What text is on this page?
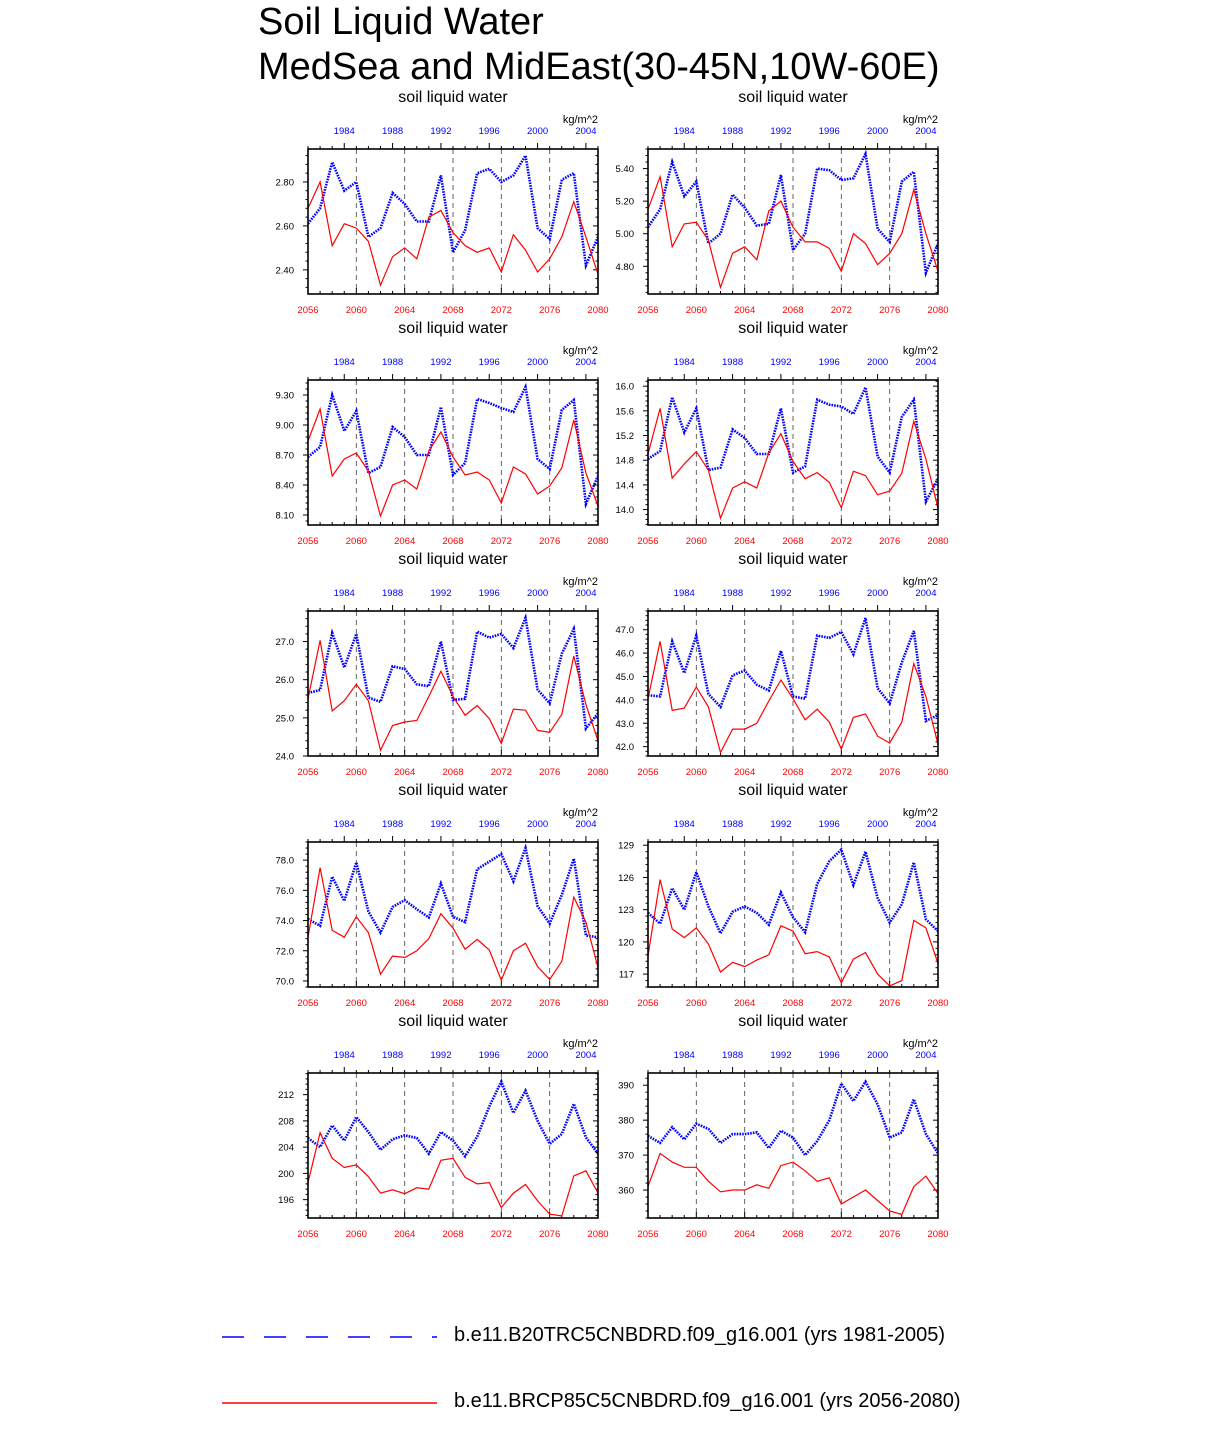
Soil Liquid Water
MedSea and MidEast(30-45N,10W-60E)
soil liquid water
kg/m^2
2.40
2.60
2.80
2056	2060	2064	2068	2072	2076	2080
1984	1988	1992	1996	2000	2004
soil liquid water
kg/m^2
4.80
5.00
5.20
5.40
2056	2060	2064	2068	2072	2076	2080
1984	1988	1992	1996	2000	2004
soil liquid water
kg/m^2
8.10
8.40
8.70
9.00
9.30
2056	2060	2064	2068	2072	2076	2080
1984	1988	1992	1996	2000	2004
soil liquid water
kg/m^2
14.0
14.4
14.8
15.2
15.6
16.0
2056	2060	2064	2068	2072	2076	2080
1984	1988	1992	1996	2000	2004
soil liquid water
kg/m^2
24.0
25.0
26.0
27.0
2056	2060	2064	2068	2072	2076	2080
1984	1988	1992	1996	2000	2004
soil liquid water
kg/m^2
42.0
43.0
44.0
45.0
46.0
47.0
2056	2060	2064	2068	2072	2076	2080
1984	1988	1992	1996	2000	2004
soil liquid water
kg/m^2
70.0
72.0
74.0
76.0
78.0
2056	2060	2064	2068	2072	2076	2080
1984	1988	1992	1996	2000	2004
soil liquid water
kg/m^2
117
120
123
126
129
2056	2060	2064	2068	2072	2076	2080
1984	1988	1992	1996	2000	2004
soil liquid water
kg/m^2
196
200
204
208
212
2056	2060	2064	2068	2072	2076	2080
1984	1988	1992	1996	2000	2004
soil liquid water
kg/m^2
360
370
380
390
2056	2060	2064	2068	2072	2076	2080
1984	1988	1992	1996	2000	2004
b.e11.B20TRC5CNBDRD.f09_g16.001 (yrs 1981-2005)
b.e11.BRCP85C5CNBDRD.f09_g16.001 (yrs 2056-2080)
